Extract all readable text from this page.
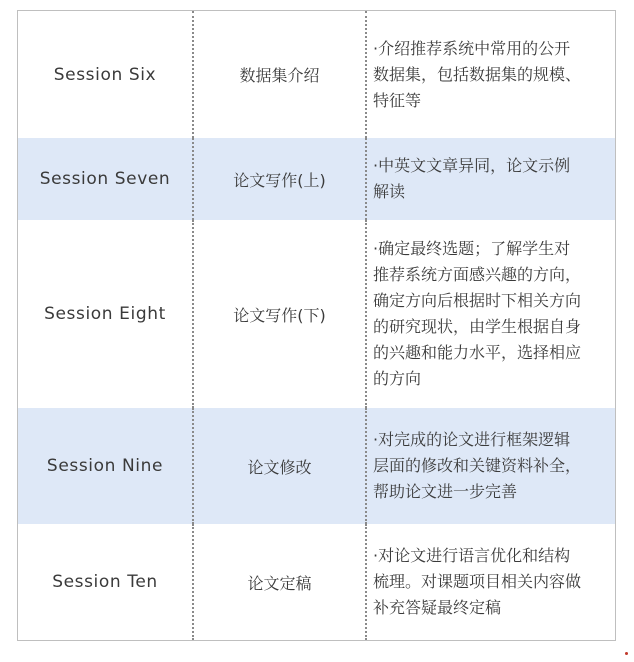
Session Six	数据集介绍
·介绍推荐系统中常用的公开
数据集，包括数据集的规模、
特征等
Session Seven	论文写作(上)
·中英文文章异同，论文示例
解读
Session Eight	论文写作(下)
·确定最终选题；了解学生对
推荐系统方面感兴趣的方向，
确定方向后根据时下相关方向
的研究现状，由学生根据自身
的兴趣和能力水平，选择相应
的方向
Session Nine	论文修改
·对完成的论文进行框架逻辑
层面的修改和关键资料补全，
帮助论文进一步完善
Session Ten	论文定稿
·对论文进行语言优化和结构
梳理。对课题项目相关内容做
补充答疑最终定稿
